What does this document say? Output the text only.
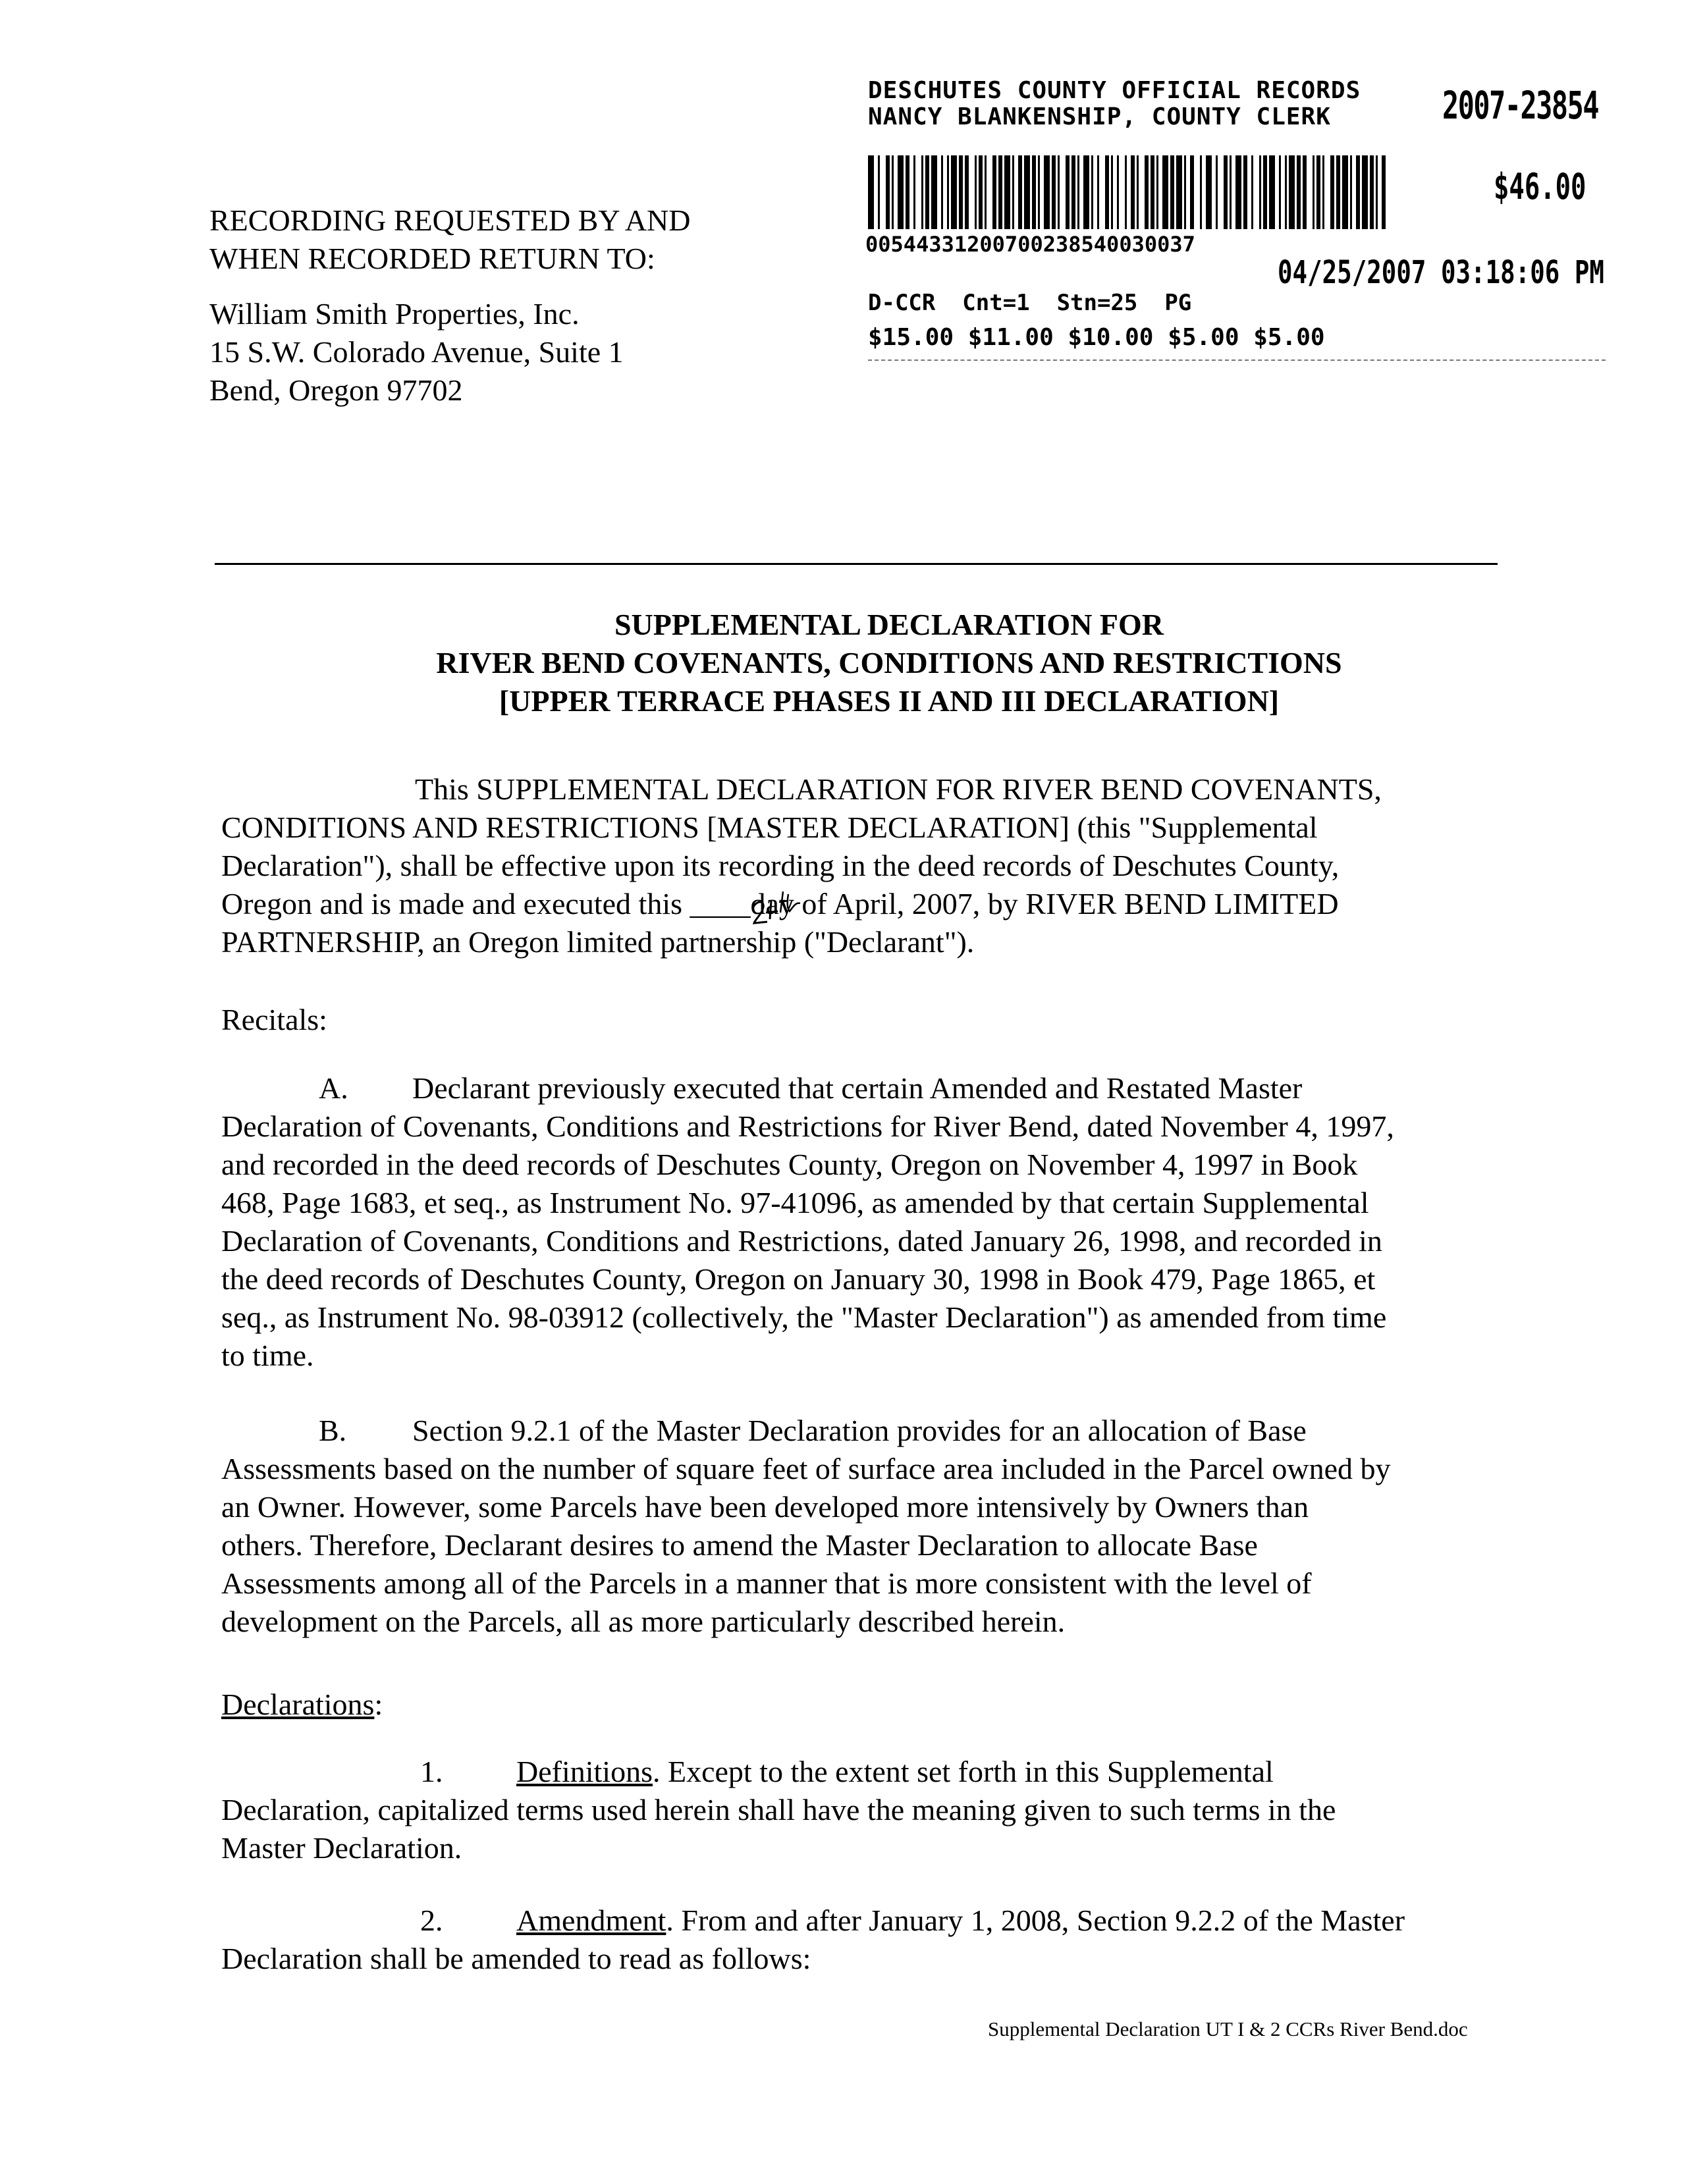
DESCHUTES COUNTY OFFICIAL RECORDS
NANCY BLANKENSHIP, COUNTY CLERK	2007-23854
$46.00
00544331200700238540030037
04/25/2007 03:18:06 PM
D-CCR  Cnt=1  Stn=25  PG
$15.00 $11.00 $10.00 $5.00 $5.00
RECORDING REQUESTED BY AND
WHEN RECORDED RETURN TO:
William Smith Properties, Inc.
15 S.W. Colorado Avenue, Suite 1
Bend, Oregon 97702
SUPPLEMENTAL DECLARATION FOR
RIVER BEND COVENANTS, CONDITIONS AND RESTRICTIONS
[UPPER TERRACE PHASES II AND III DECLARATION]
This SUPPLEMENTAL DECLARATION FOR RIVER BEND COVENANTS,
CONDITIONS AND RESTRICTIONS [MASTER DECLARATION] (this "Supplemental
Declaration"), shall be effective upon its recording in the deed records of Deschutes County,
Oregon and is made and executed this ____day of April, 2007, by RIVER BEND LIMITED
PARTNERSHIP, an Oregon limited partnership ("Declarant").
Recitals:
A. Declarant previously executed that certain Amended and Restated Master
Declaration of Covenants, Conditions and Restrictions for River Bend, dated November 4, 1997,
and recorded in the deed records of Deschutes County, Oregon on November 4, 1997 in Book
468, Page 1683, et seq., as Instrument No. 97-41096, as amended by that certain Supplemental
Declaration of Covenants, Conditions and Restrictions, dated January 26, 1998, and recorded in
the deed records of Deschutes County, Oregon on January 30, 1998 in Book 479, Page 1865, et
seq., as Instrument No. 98-03912 (collectively, the "Master Declaration") as amended from time
to time.
B. Section 9.2.1 of the Master Declaration provides for an allocation of Base
Assessments based on the number of square feet of surface area included in the Parcel owned by
an Owner. However, some Parcels have been developed more intensively by Owners than
others. Therefore, Declarant desires to amend the Master Declaration to allocate Base
Assessments among all of the Parcels in a manner that is more consistent with the level of
development on the Parcels, all as more particularly described herein.
Declarations:
1. Definitions. Except to the extent set forth in this Supplemental
Declaration, capitalized terms used herein shall have the meaning given to such terms in the
Master Declaration.
2. Amendment. From and after January 1, 2008, Section 9.2.2 of the Master
Declaration shall be amended to read as follows:
Supplemental Declaration UT I & 2 CCRs River Bend.doc
